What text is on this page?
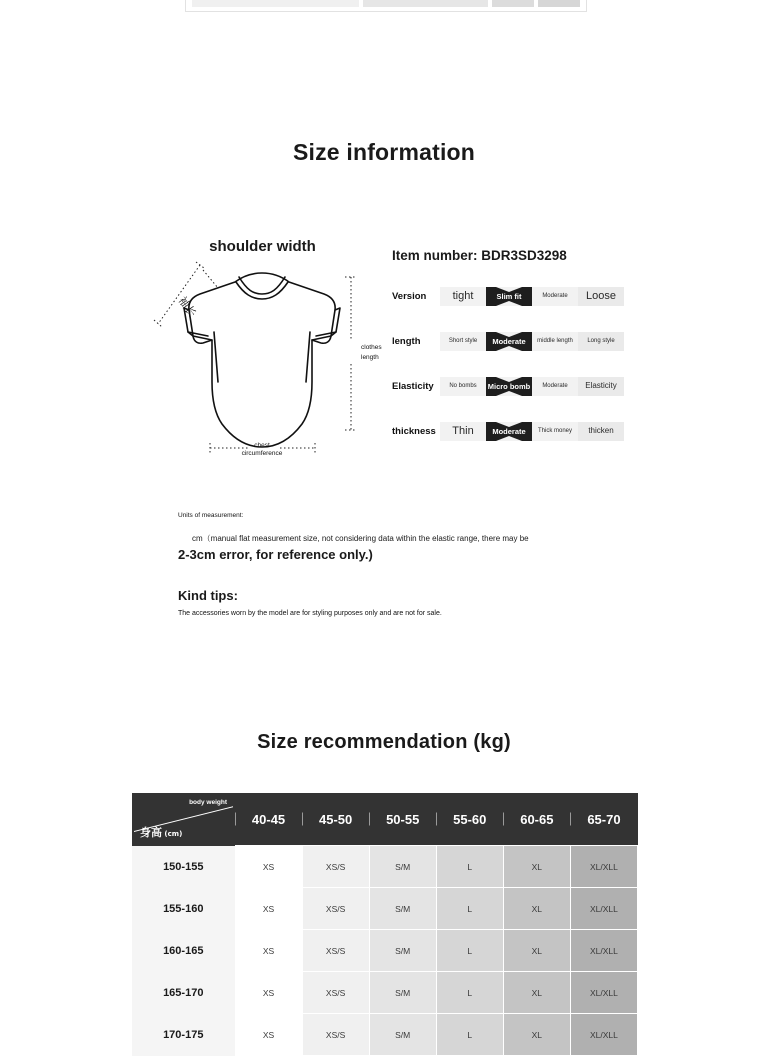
Size information
shoulder width
chest
circumference
clothes
length
袖长
Item number: BDR3SD3298
Version	tight	Slim fit	Moderate	Loose
length	Short style	Moderate	middle length	Long style
Elasticity	No bombs	Micro bomb	Moderate	Elasticity
thickness	Thin	Moderate	Thick money	thicken
Units of measurement:
cm（manual flat measurement size, not considering data within the elastic range, there may be
2-3cm error, for reference only.)
Kind tips:
The accessories worn by the model are for styling purposes only and are not for sale.
Size recommendation (kg)
body weight
身高 (cm)	40-45	45-50	50-55	55-60	60-65	65-70
150-155	XS	XS/S	S/M	L	XL	XL/XLL
155-160	XS	XS/S	S/M	L	XL	XL/XLL
160-165	XS	XS/S	S/M	L	XL	XL/XLL
165-170	XS	XS/S	S/M	L	XL	XL/XLL
170-175	XS	XS/S	S/M	L	XL	XL/XLL
